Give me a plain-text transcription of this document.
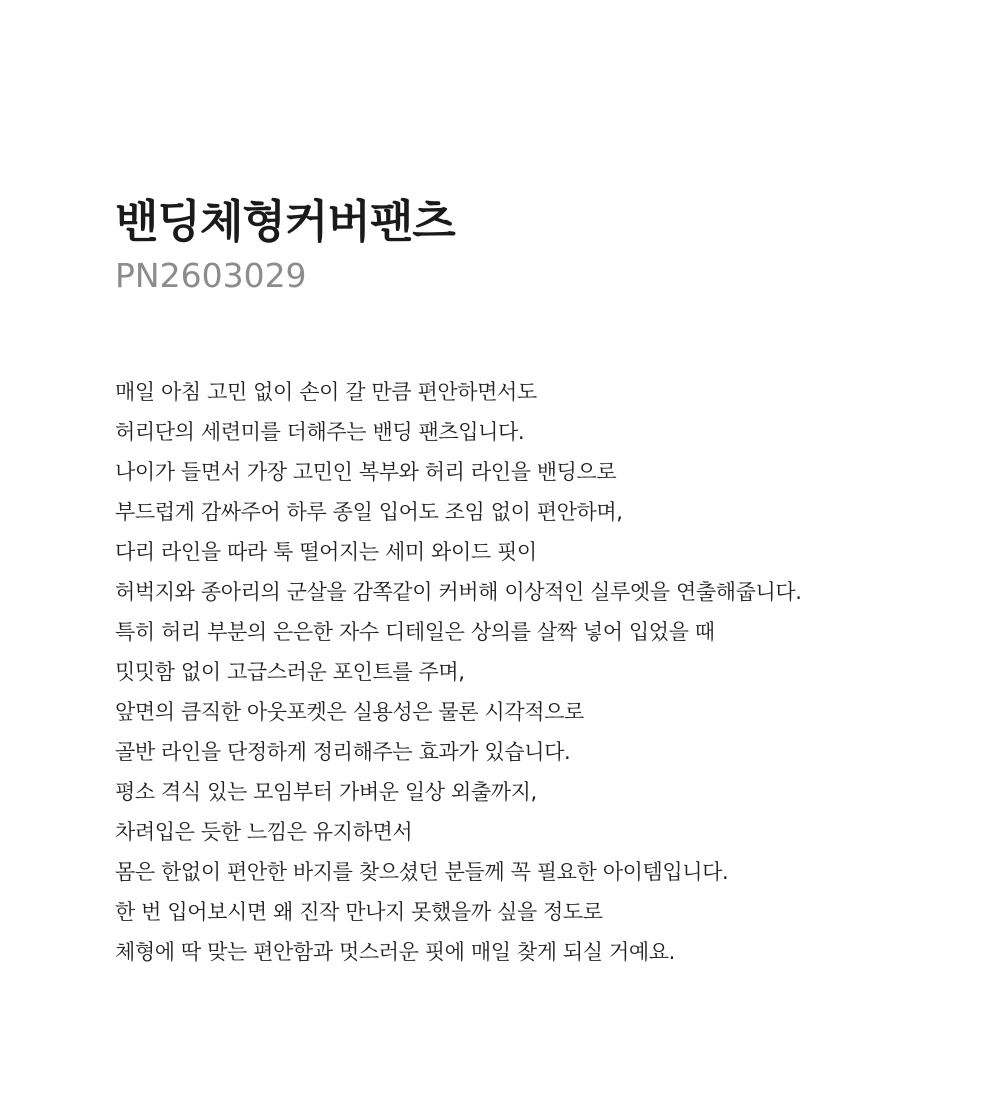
밴딩체형커버팬츠
PN2603029
매일 아침 고민 없이 손이 갈 만큼 편안하면서도
허리단의 세련미를 더해주는 밴딩 팬츠입니다.
나이가 들면서 가장 고민인 복부와 허리 라인을 밴딩으로
부드럽게 감싸주어 하루 종일 입어도 조임 없이 편안하며,
다리 라인을 따라 툭 떨어지는 세미 와이드 핏이
허벅지와 종아리의 군살을 감쪽같이 커버해 이상적인 실루엣을 연출해줍니다.
특히 허리 부분의 은은한 자수 디테일은 상의를 살짝 넣어 입었을 때
밋밋함 없이 고급스러운 포인트를 주며,
앞면의 큼직한 아웃포켓은 실용성은 물론 시각적으로
골반 라인을 단정하게 정리해주는 효과가 있습니다.
평소 격식 있는 모임부터 가벼운 일상 외출까지,
차려입은 듯한 느낌은 유지하면서
몸은 한없이 편안한 바지를 찾으셨던 분들께 꼭 필요한 아이템입니다.
한 번 입어보시면 왜 진작 만나지 못했을까 싶을 정도로
체형에 딱 맞는 편안함과 멋스러운 핏에 매일 찾게 되실 거예요.
